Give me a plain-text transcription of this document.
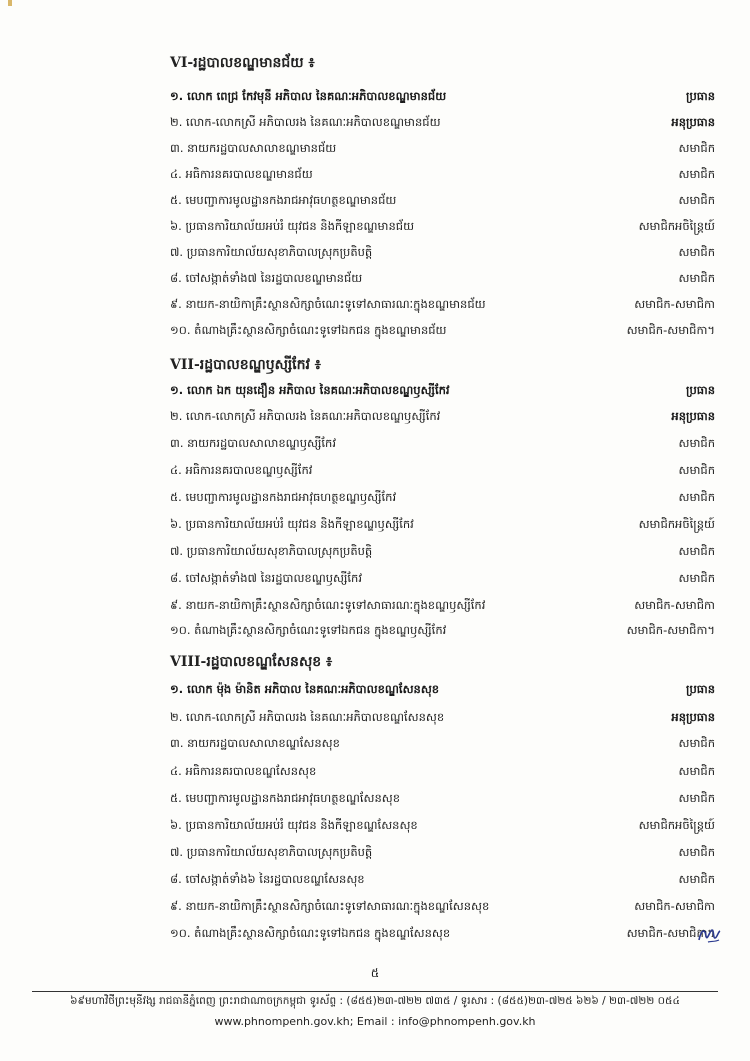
VI-រដ្ឋបាលខណ្ឌមានជ័យ ៖
១. លោក ពេជ្រ កែវមុនី អភិបាល នៃគណៈអភិបាលខណ្ឌមានជ័យ	ប្រធាន
២. លោក-លោកស្រី អភិបាលរង នៃគណៈអភិបាលខណ្ឌមានជ័យ	អនុប្រធាន
៣. នាយករដ្ឋបាលសាលាខណ្ឌមានជ័យ	សមាជិក
៤. អធិការនគរបាលខណ្ឌមានជ័យ	សមាជិក
៥. មេបញ្ជាការមូលដ្ឋានកងរាជអាវុធហត្ថខណ្ឌមានជ័យ	សមាជិក
៦. ប្រធានការិយាល័យអប់រំ យុវជន និងកីឡាខណ្ឌមានជ័យ	សមាជិកអចិន្ត្រៃយ៍
៧. ប្រធានការិយាល័យសុខាភិបាលស្រុកប្រតិបត្តិ	សមាជិក
៨. ចៅសង្កាត់ទាំង៧ នៃរដ្ឋបាលខណ្ឌមានជ័យ	សមាជិក
៩. នាយក-នាយិកាគ្រឹះស្ថានសិក្សាចំណេះទូទៅសាធារណៈក្នុងខណ្ឌមានជ័យ	សមាជិក-សមាជិកា
១០. តំណាងគ្រឹះស្ថានសិក្សាចំណេះទូទៅឯកជន ក្នុងខណ្ឌមានជ័យ	សមាជិក-សមាជិកា។
VII-រដ្ឋបាលខណ្ឌឫស្សីកែវ ៖
១. លោក ឯក យុនដឿន អភិបាល នៃគណៈអភិបាលខណ្ឌឫស្សីកែវ	ប្រធាន
២. លោក-លោកស្រី អភិបាលរង នៃគណៈអភិបាលខណ្ឌឫស្សីកែវ	អនុប្រធាន
៣. នាយករដ្ឋបាលសាលាខណ្ឌឫស្សីកែវ	សមាជិក
៤. អធិការនគរបាលខណ្ឌឫស្សីកែវ	សមាជិក
៥. មេបញ្ជាការមូលដ្ឋានកងរាជអាវុធហត្ថខណ្ឌឫស្សីកែវ	សមាជិក
៦. ប្រធានការិយាល័យអប់រំ យុវជន និងកីឡាខណ្ឌឫស្សីកែវ	សមាជិកអចិន្ត្រៃយ៍
៧. ប្រធានការិយាល័យសុខាភិបាលស្រុកប្រតិបត្តិ	សមាជិក
៨. ចៅសង្កាត់ទាំង៧ នៃរដ្ឋបាលខណ្ឌឫស្សីកែវ	សមាជិក
៩. នាយក-នាយិកាគ្រឹះស្ថានសិក្សាចំណេះទូទៅសាធារណៈក្នុងខណ្ឌឫស្សីកែវ	សមាជិក-សមាជិកា
១០. តំណាងគ្រឹះស្ថានសិក្សាចំណេះទូទៅឯកជន ក្នុងខណ្ឌឫស្សីកែវ	សមាជិក-សមាជិកា។
VIII-រដ្ឋបាលខណ្ឌសែនសុខ ៖
១. លោក ម៉ុង ម៉ានិត អភិបាល នៃគណៈអភិបាលខណ្ឌសែនសុខ	ប្រធាន
២. លោក-លោកស្រី អភិបាលរង នៃគណៈអភិបាលខណ្ឌសែនសុខ	អនុប្រធាន
៣. នាយករដ្ឋបាលសាលាខណ្ឌសែនសុខ	សមាជិក
៤. អធិការនគរបាលខណ្ឌសែនសុខ	សមាជិក
៥. មេបញ្ជាការមូលដ្ឋានកងរាជអាវុធហត្ថខណ្ឌសែនសុខ	សមាជិក
៦. ប្រធានការិយាល័យអប់រំ យុវជន និងកីឡាខណ្ឌសែនសុខ	សមាជិកអចិន្ត្រៃយ៍
៧. ប្រធានការិយាល័យសុខាភិបាលស្រុកប្រតិបត្តិ	សមាជិក
៨. ចៅសង្កាត់ទាំង៦ នៃរដ្ឋបាលខណ្ឌសែនសុខ	សមាជិក
៩. នាយក-នាយិកាគ្រឹះស្ថានសិក្សាចំណេះទូទៅសាធារណៈក្នុងខណ្ឌសែនសុខ	សមាជិក-សមាជិកា
១០. តំណាងគ្រឹះស្ថានសិក្សាចំណេះទូទៅឯកជន ក្នុងខណ្ឌសែនសុខ	សមាជិក-សមាជិកា។
៥
៦៩មហាវិថីព្រះមុនីវង្ស រាជធានីភ្នំពេញ ព្រះរាជាណាចក្រកម្ពុជា ទូរស័ព្ទ : (៨៥៥)២៣-៧២២ ៧៣៥ / ទូរសារ : (៨៥៥)២៣-៧២៥ ៦២៦ / ២៣-៧២២ ០៥៤
www.phnompenh.gov.kh; Email : info@phnompenh.gov.kh
